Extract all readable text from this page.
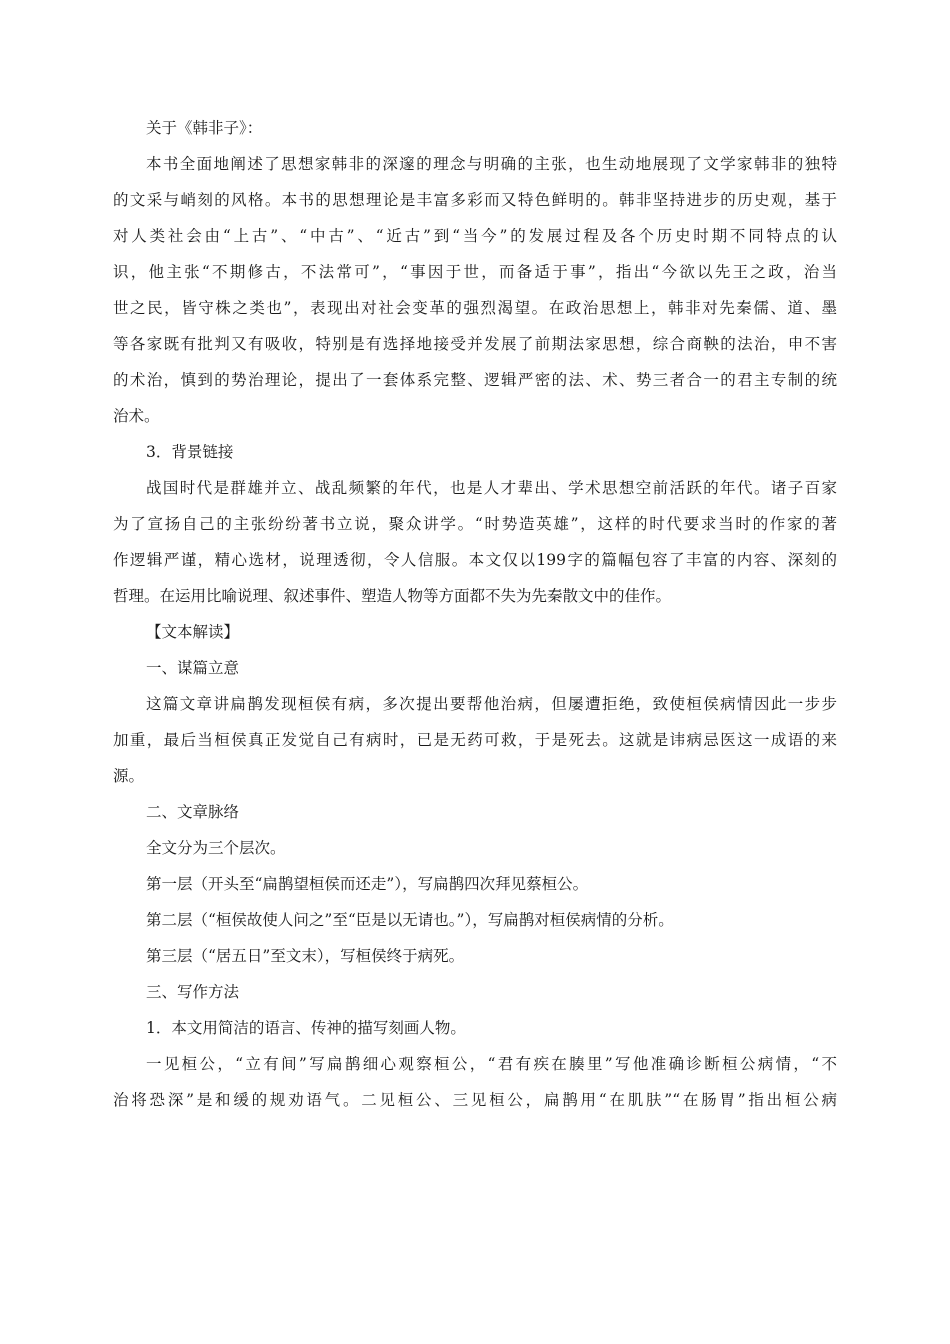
关于《韩非子》：

本书全面地阐述了思想家韩非的深邃的理念与明确的主张，也生动地展现了文学家韩非的独特

的文采与峭刻的风格。本书的思想理论是丰富多彩而又特色鲜明的。韩非坚持进步的历史观，基于

对人类社会由“上古”、“中古”、“近古”到“当今”的发展过程及各个历史时期不同特点的认

识，他主张“不期修古，不法常可”，“事因于世，而备适于事”，指出“今欲以先王之政，治当

世之民，皆守株之类也”，表现出对社会变革的强烈渴望。在政治思想上，韩非对先秦儒、道、墨

等各家既有批判又有吸收，特别是有选择地接受并发展了前期法家思想，综合商鞅的法治，申不害

的术治，慎到的势治理论，提出了一套体系完整、逻辑严密的法、术、势三者合一的君主专制的统

治术。

3．背景链接

战国时代是群雄并立、战乱频繁的年代，也是人才辈出、学术思想空前活跃的年代。诸子百家

为了宣扬自己的主张纷纷著书立说，聚众讲学。“时势造英雄”，这样的时代要求当时的作家的著

作逻辑严谨，精心选材，说理透彻，令人信服。本文仅以199字的篇幅包容了丰富的内容、深刻的

哲理。在运用比喻说理、叙述事件、塑造人物等方面都不失为先秦散文中的佳作。

【文本解读】

一、谋篇立意

这篇文章讲扁鹊发现桓侯有病，多次提出要帮他治病，但屡遭拒绝，致使桓侯病情因此一步步

加重，最后当桓侯真正发觉自己有病时，已是无药可救，于是死去。这就是讳病忌医这一成语的来

源。

二、文章脉络

全文分为三个层次。

第一层（开头至“扁鹊望桓侯而还走”），写扁鹊四次拜见蔡桓公。

第二层（“桓侯故使人问之”至“臣是以无请也。”），写扁鹊对桓侯病情的分析。

第三层（“居五日”至文末），写桓侯终于病死。

三、写作方法

1．本文用简洁的语言、传神的描写刻画人物。

一见桓公，“立有间”写扁鹊细心观察桓公，“君有疾在腠里”写他准确诊断桓公病情，“不

治将恐深”是和缓的规劝语气。二见桓公、三见桓公，扁鹊用“在肌肤”“在肠胃”指出桓公病
